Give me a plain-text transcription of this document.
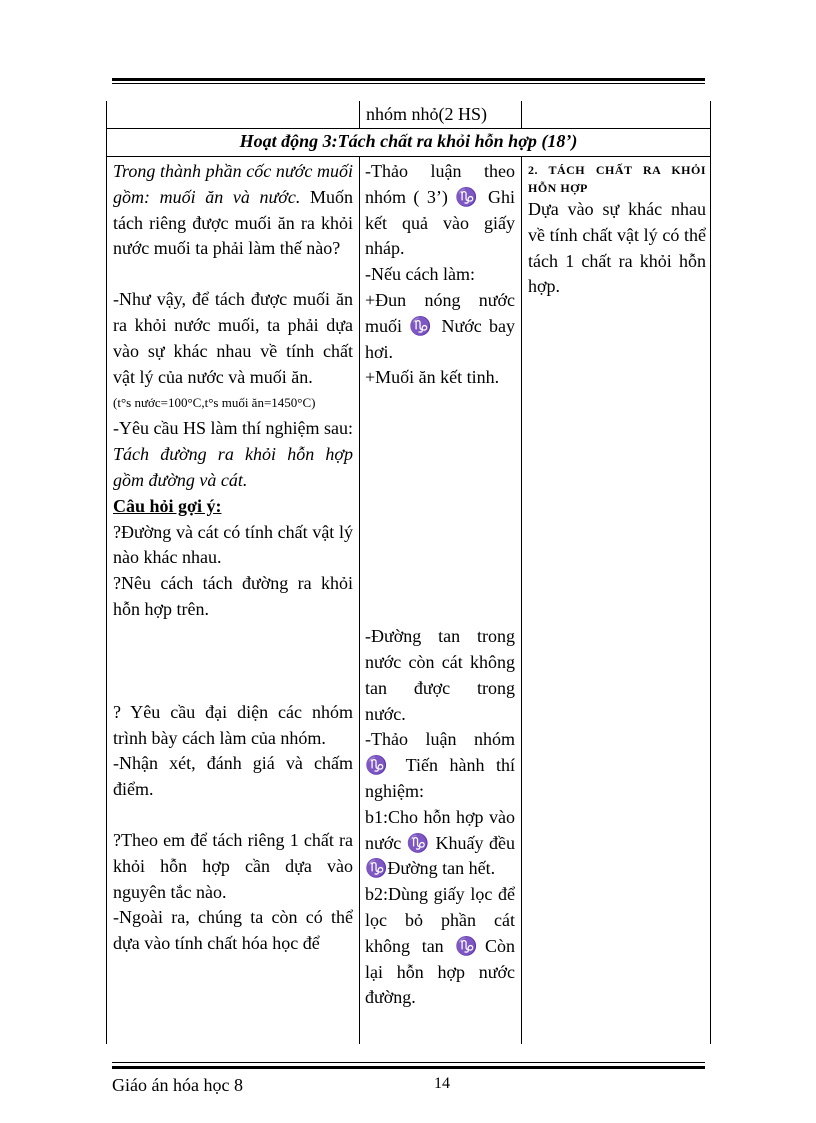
nhóm nhỏ(2 HS)
Hoạt động 3:Tách chất ra khỏi hỗn hợp (18’)

Trong thành phần cốc nước muối gồm: muối ăn và nước. Muốn tách riêng được muối ăn ra khỏi nước muối ta phải làm thế nào?

-Như vậy, để tách được muối ăn ra khỏi nước muối, ta phải dựa vào sự khác nhau về tính chất vật lý của nước và muối ăn.

(t°s nước=100°C,t°s muối ăn=1450°C)

-Yêu cầu HS làm thí nghiệm sau: Tách đường ra khỏi hỗn hợp gồm đường và cát.

Câu hỏi gợi ý:

?Đường và cát có tính chất vật lý nào khác nhau.

?Nêu cách tách đường ra khỏi hỗn hợp trên.

? Yêu cầu đại diện các nhóm trình bày cách làm của nhóm.

-Nhận xét, đánh giá và chấm điểm.

?Theo em để tách riêng 1 chất ra khỏi hỗn hợp cần dựa vào nguyên tắc nào.

-Ngoài ra, chúng ta còn có thể dựa vào tính chất hóa học để

-Thảo luận theo nhóm ( 3’) ♑ Ghi kết quả vào giấy nháp.

-Nếu cách làm:

+Đun nóng nước muối ♑ Nước bay hơi.

+Muối ăn kết tinh.

-Đường tan trong nước còn cát không tan được trong nước.

-Thảo luận nhóm ♑ Tiến hành thí nghiệm:

b1:Cho hỗn hợp vào nước ♑ Khuấy đều ♑Đường tan hết.

b2:Dùng giấy lọc để lọc bỏ phần cát không tan ♑Còn lại hỗn hợp nước đường.

2. TÁCH CHẤT RA KHỎI HỖN HỢP

Dựa vào sự khác nhau về tính chất vật lý có thể tách 1 chất ra khỏi hỗn hợp.

Giáo án hóa học 8	14
